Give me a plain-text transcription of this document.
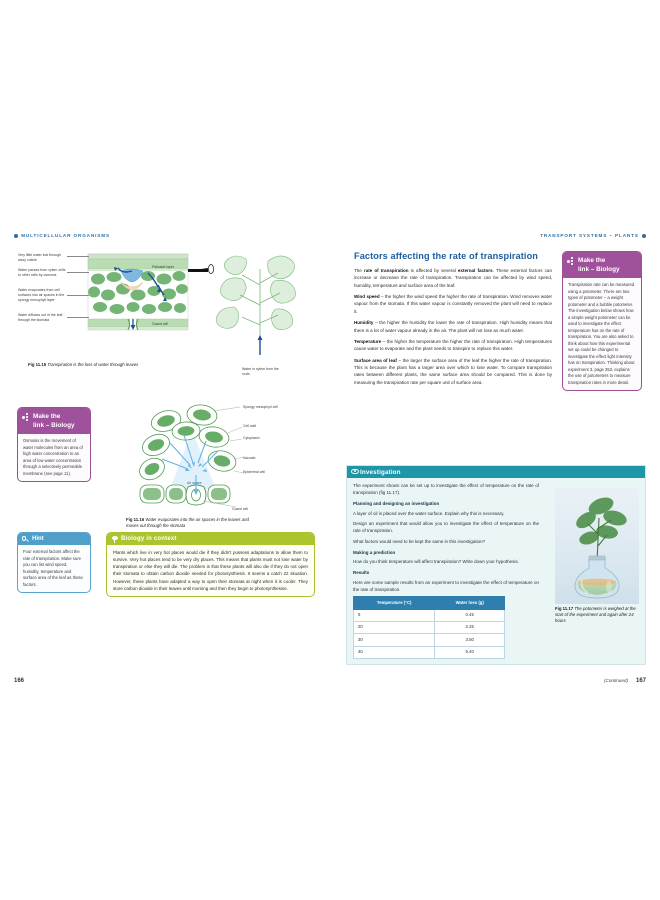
MULTICELLULAR ORGANISMS
Very little water lost through waxy cuticle
Water passes from xylem cells to other cells by osmosis
Water evaporates from cell surfaces into air spaces in the spongy mesophyll layer
Water diffuses out of the leaf, through the stomata
Palisade layer
Guard cell
Water in xylem from the roots
Fig 11.15 Transpiration is the loss of water through leaves
Make the
link – Biology
Osmosis is the movement of water molecules from an area of high water concentration to an area of low water concentration through a selectively permeable membrane (see page 11).
Spongy mesophyll cell
Cell wall
Cytoplasm
Vacuole
Epidermal cell
Guard cell
Air space
Fig 11.16 Water evaporates into the air spaces in the leaves and moves out through the stomata
Hint
Four external factors affect the rate of transpiration. Make sure you can list wind speed, humidity, temperature and surface area of the leaf as these factors.
Biology in context
Plants which live in very hot places would die if they didn't possess adaptations to allow them to survive. Very hot places tend to be very dry places. This means that plants must not lose water by transpiration or else they will die. The problem is that these plants will also die if they do not open their stomata to obtain carbon dioxide needed for photosynthesis. It seems a catch 22 situation. However, these plants have adapted a way to open their stomata at night when it is cooler. They store carbon dioxide in their leaves until morning and then they begin to photosynthesise.
166
TRANSPORT SYSTEMS – PLANTS
Factors affecting the rate of transpiration

The rate of transpiration is affected by several external factors. These external factors can increase or decrease the rate of transpiration. Transpiration can be affected by wind speed, humidity, temperature and surface area of the leaf.

Wind speed – the higher the wind speed the higher the rate of transpiration. Wind removes water vapour from the stomata. If this water vapour is constantly removed the plant will need to replace it.

Humidity – the higher the humidity the lower the rate of transpiration. High humidity means that there is a lot of water vapour already in the air. The plant will not lose as much water.

Temperature – the higher the temperature the higher the rate of transpiration. High temperatures cause water to evaporate and the plant needs to transpire to replace this water.

Surface area of leaf – the larger the surface area of the leaf the higher the rate of transpiration. This is because the plant has a larger area over which to lose water. To compare transpiration rates between different plants, the same surface area should be compared. This is done by measuring the transpiration rate per square unit of surface area.

Make the
link – Biology
Transpiration rate can be measured using a potometer. There are two types of potometer – a weight potometer and a bubble potometer. The investigation below shows how a simple weight potometer can be used to investigate the effect temperature has on the rate of transpiration. You are also asked to think about how this experimental set up could be changed to investigate the effect light intensity has on transpiration. Thinking about experiment 3, page 353, explains the use of potometers to measure transpiration rates in more detail.
Investigation

The experiment shown can be set up to investigate the effect of temperature on the rate of transpiration (fig 11.17).

Planning and designing an investigation

A layer of oil is placed over the water surface. Explain why this is necessary.

Design an experiment that would allow you to investigate the effect of temperature on the rate of transpiration.

What factors would need to be kept the same in this investigation?

Making a prediction

How do you think temperature will affect transpiration? Write down your hypothesis.

Results

Here are some sample results from an experiment to investigate the effect of temperature on the rate of transpiration.

Temperature (°C)	Water loss (g)
5	0.45
20	2.25
30	3.50
40	5.40
Fig 11.17 The potometer is weighed at the start of the experiment and again after 24 hours
(Continued) 167
